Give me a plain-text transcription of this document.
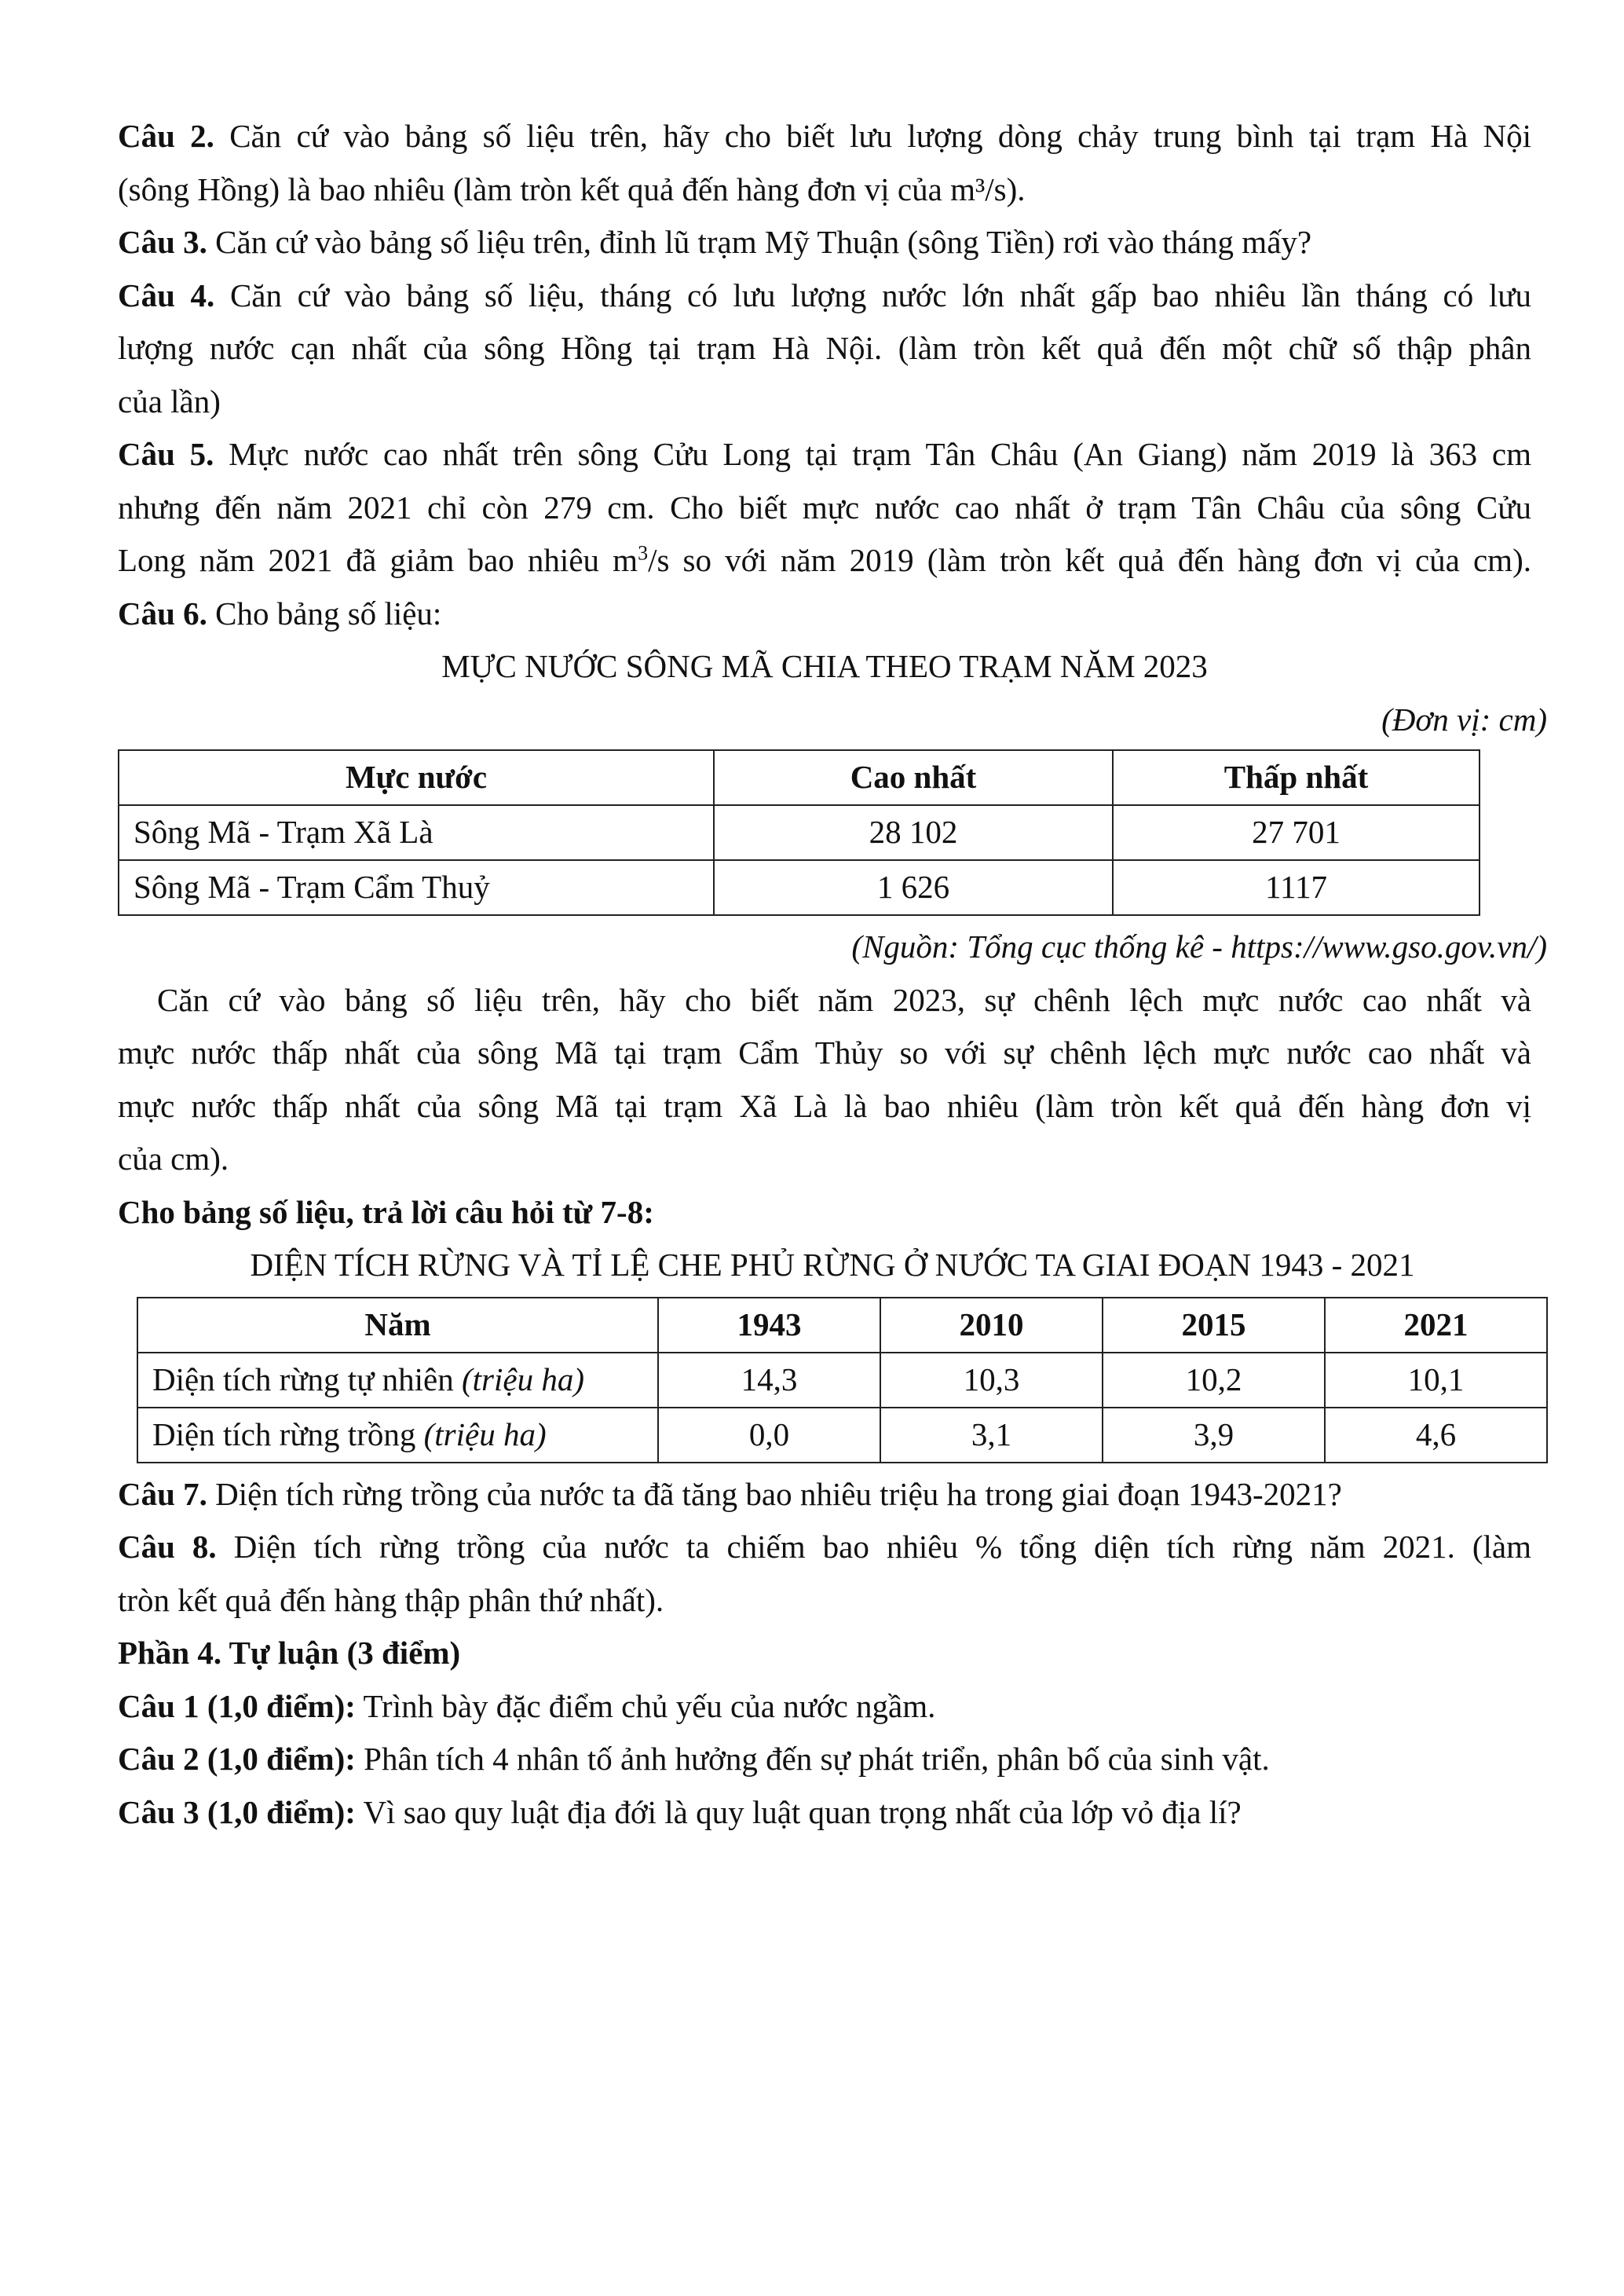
Câu 2. Căn cứ vào bảng số liệu trên, hãy cho biết lưu lượng dòng chảy trung bình tại trạm Hà Nội

(sông Hồng) là bao nhiêu (làm tròn kết quả đến hàng đơn vị của m³/s).

Câu 3. Căn cứ vào bảng số liệu trên, đỉnh lũ trạm Mỹ Thuận (sông Tiền) rơi vào tháng mấy?

Câu 4. Căn cứ vào bảng số liệu, tháng có lưu lượng nước lớn nhất gấp bao nhiêu lần tháng có lưu

lượng nước cạn nhất của sông Hồng tại trạm Hà Nội. (làm tròn kết quả đến một chữ số thập phân

của lần)

Câu 5. Mực nước cao nhất trên sông Cửu Long tại trạm Tân Châu (An Giang) năm 2019 là 363 cm

nhưng đến năm 2021 chỉ còn 279 cm. Cho biết mực nước cao nhất ở trạm Tân Châu của sông Cửu

Long năm 2021 đã giảm bao nhiêu $m^3/s$ so với năm 2019 (làm tròn kết quả đến hàng đơn vị của cm).

Câu 6. Cho bảng số liệu:

MỰC NƯỚC SÔNG MÃ CHIA THEO TRẠM NĂM 2023

(Đơn vị: cm)

Mực nước	Cao nhất	Thấp nhất
Sông Mã - Trạm Xã Là	28 102	27 701
Sông Mã - Trạm Cẩm Thuỷ	1 626	1117

(Nguồn: Tổng cục thống kê - https://www.gso.gov.vn/)

Căn cứ vào bảng số liệu trên, hãy cho biết năm 2023, sự chênh lệch mực nước cao nhất và

mực nước thấp nhất của sông Mã tại trạm Cẩm Thủy so với sự chênh lệch mực nước cao nhất và

mực nước thấp nhất của sông Mã tại trạm Xã Là là bao nhiêu (làm tròn kết quả đến hàng đơn vị

của cm).

Cho bảng số liệu, trả lời câu hỏi từ 7-8:

DIỆN TÍCH RỪNG VÀ TỈ LỆ CHE PHỦ RỪNG Ở NƯỚC TA GIAI ĐOẠN 1943 - 2021

Năm	1943	2010	2015	2021
Diện tích rừng tự nhiên (triệu ha)	14,3	10,3	10,2	10,1
Diện tích rừng trồng (triệu ha)	0,0	3,1	3,9	4,6

Câu 7. Diện tích rừng trồng của nước ta đã tăng bao nhiêu triệu ha trong giai đoạn 1943-2021?

Câu 8. Diện tích rừng trồng của nước ta chiếm bao nhiêu % tổng diện tích rừng năm 2021. (làm

tròn kết quả đến hàng thập phân thứ nhất).

Phần 4. Tự luận (3 điểm)

Câu 1 (1,0 điểm): Trình bày đặc điểm chủ yếu của nước ngầm.

Câu 2 (1,0 điểm): Phân tích 4 nhân tố ảnh hưởng đến sự phát triển, phân bố của sinh vật.

Câu 3 (1,0 điểm): Vì sao quy luật địa đới là quy luật quan trọng nhất của lớp vỏ địa lí?
